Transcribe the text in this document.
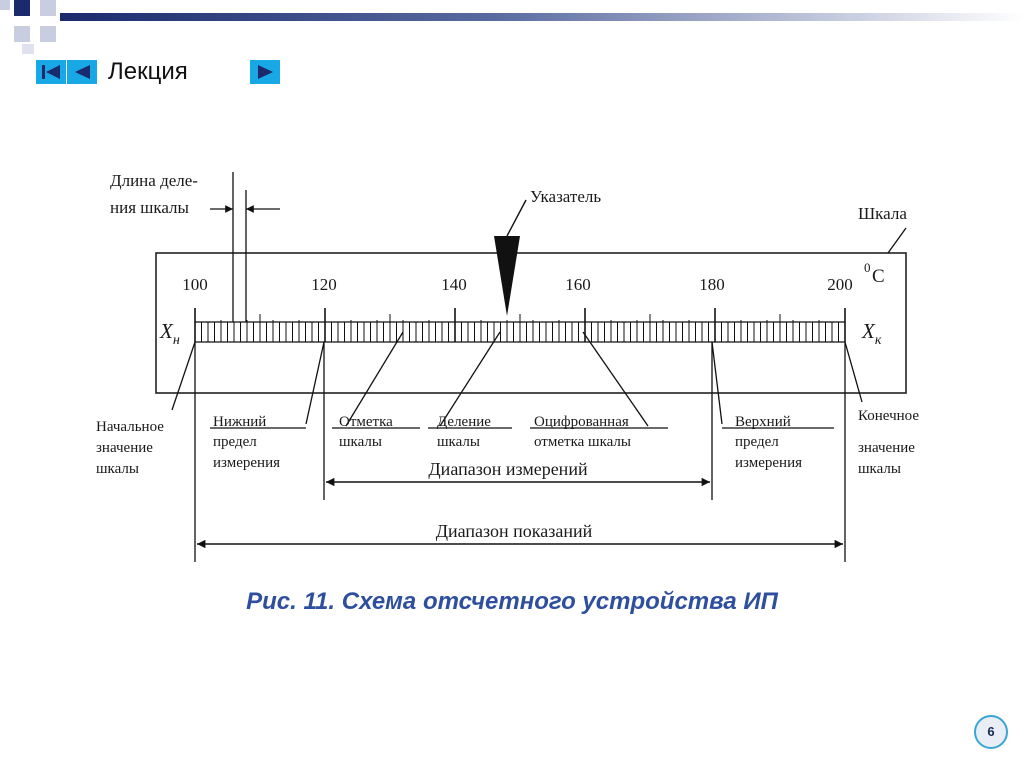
Лекция
100	120	140	160	180	200
0 C
$X_н$	$X_к$
Указатель
Шкала
Длина деле-
ния шкалы
Начальное
значение
шкалы
Нижний
предел
измерения
Отметка
шкалы
Деление
шкалы
Оцифрованная
отметка шкалы
Верхний
предел
измерения
Конечное
значение
шкалы
Диапазон измерений
Диапазон показаний
Рис. 11. Схема отсчетного устройства ИП
6
